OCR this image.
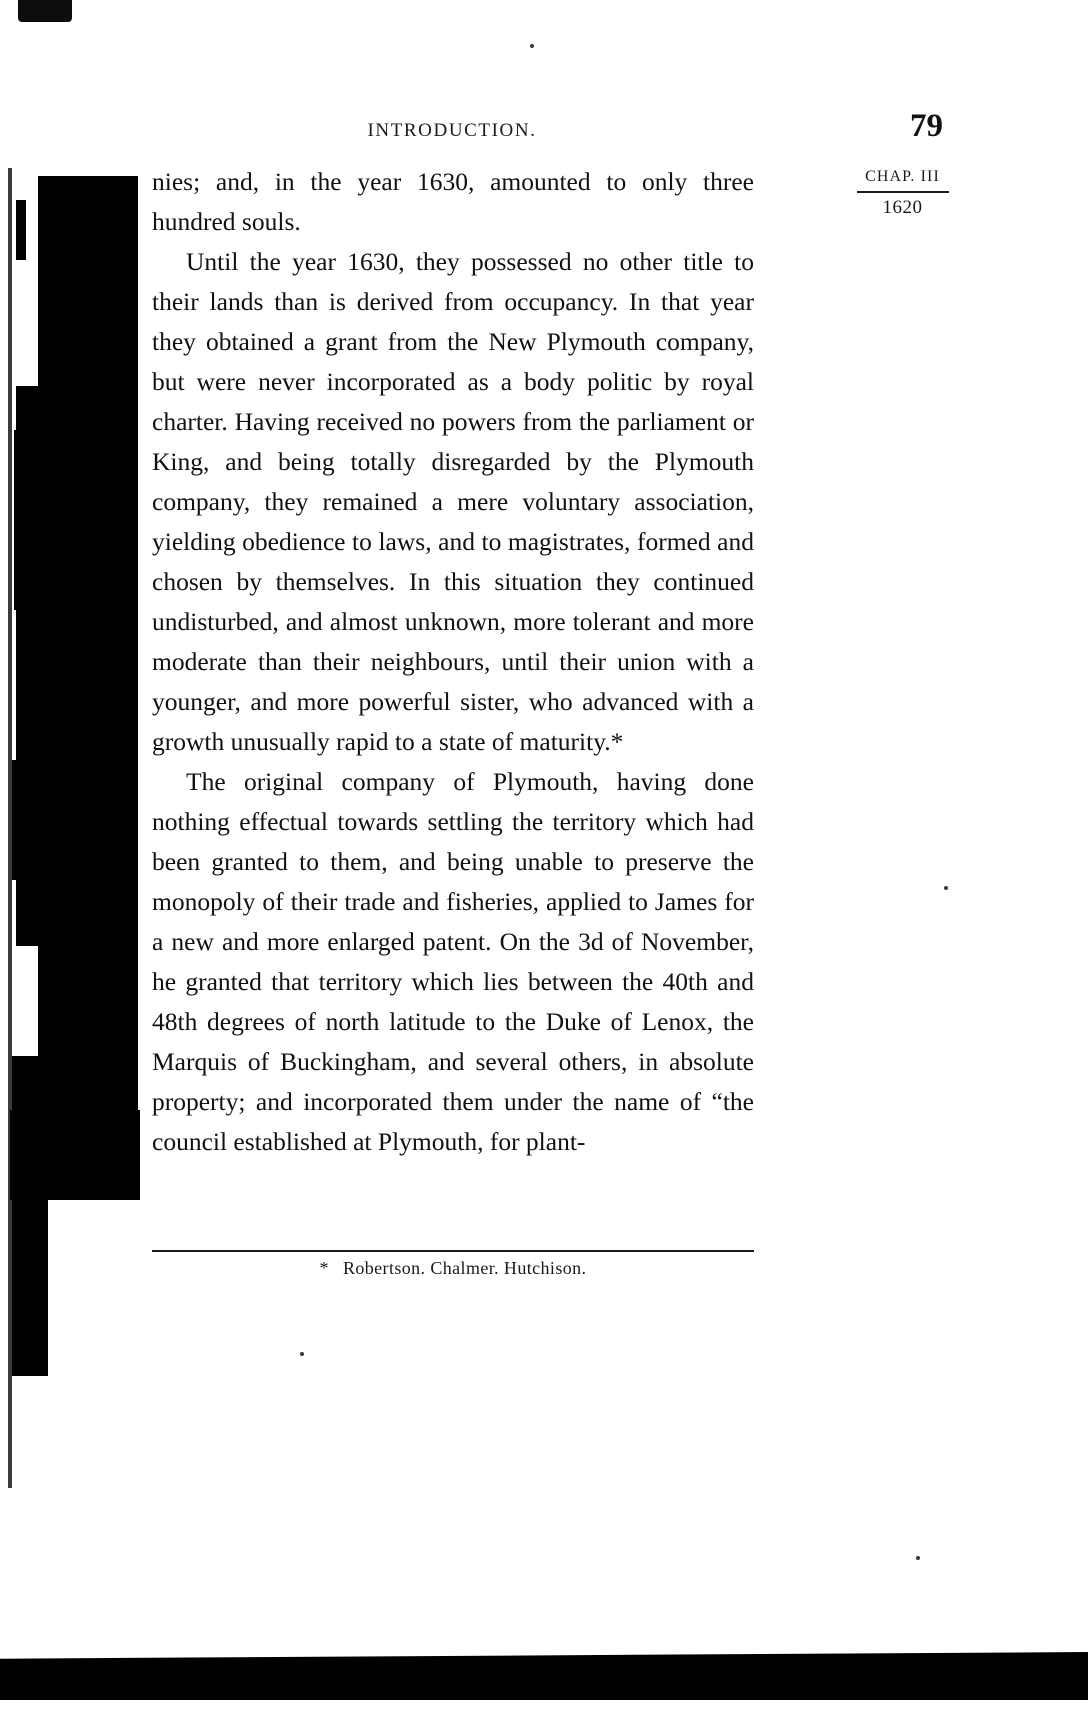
INTRODUCTION.	79
CHAP. III
1620

nies; and, in the year 1630, amounted to only three hundred souls.

Until the year 1630, they possessed no other title to their lands than is derived from occupancy. In that year they obtained a grant from the New Plymouth company, but were never incorporated as a body politic by royal charter. Having received no powers from the parliament or King, and being totally disregarded by the Plymouth company, they remained a mere voluntary association, yielding obedience to laws, and to magistrates, formed and chosen by themselves. In this situation they continued undisturbed, and almost unknown, more tolerant and more moderate than their neighbours, until their union with a younger, and more powerful sister, who advanced with a growth unusually rapid to a state of maturity.*

The original company of Plymouth, having done nothing effectual towards settling the territory which had been granted to them, and being unable to preserve the monopoly of their trade and fisheries, applied to James for a new and more enlarged patent. On the 3d of November, he granted that territory which lies between the 40th and 48th degrees of north latitude to the Duke of Lenox, the Marquis of Buckingham, and several others, in absolute property; and incorporated them under the name of “the council established at Plymouth, for plant-

* Robertson. Chalmer. Hutchison.
